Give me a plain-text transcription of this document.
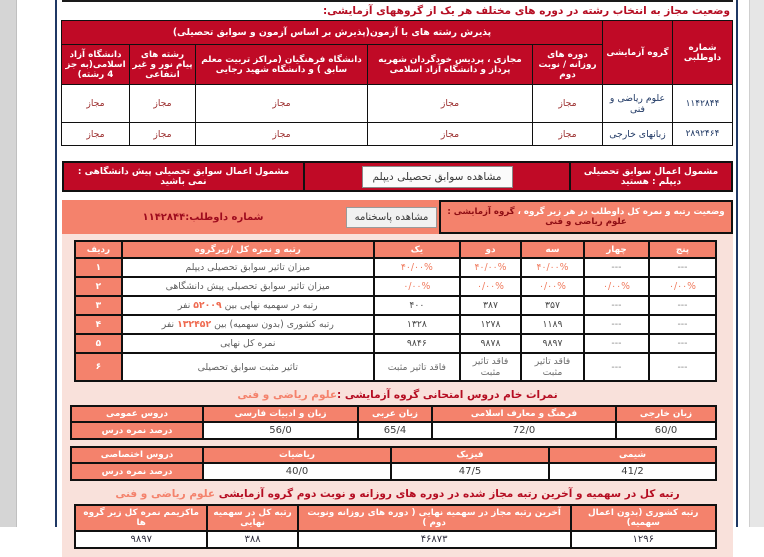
وضعیت مجاز به انتخاب رشته در دوره های مختلف هر یک از گروههای آزمایشی:
شماره داوطلبی	گروه آزمایشی	پذیرش رشته های با آزمون(پذیرش بر اساس آزمون و سوابق تحصیلی)				
		دوره های روزانه / نوبت دوم	مجازی ، پردیس خودگردان شهریه پرداز و دانشگاه آزاد اسلامی	دانشگاه فرهنگیان (مراکز تربیت معلم سابق ) و دانشگاه شهید رجایی	رشته های پیام نور و غیر انتفاعی	دانشگاه آزاد اسلامی(به جز 4 رشته)
۱۱۴۲۸۴۴	علوم ریاضی و فنی	مجاز	مجاز	مجاز	مجاز	مجاز
۲۸۹۲۴۶۴	زبانهای خارجی	مجاز	مجاز	مجاز	مجاز	مجاز
مشمول اعمال سوابق تحصیلی دیپلم : هستید
مشاهده سوابق تحصیلی دیپلم
مشمول اعمال سوابق تحصیلی پیش دانشگاهی : نمی باشید
وضعیت رتبه و نمره کل داوطلب در هر زیر گروه ، گروه آزمایشی : علوم ریاضی و فنی
مشاهده پاسخنامه
شماره داوطلب:۱۱۴۲۸۴۴
پنج	چهار	سه	دو	یک	رتبه و نمره کل /زیرگروه	ردیف
---	---	۴۰/۰۰%	۴۰/۰۰%	۴۰/۰۰%	میزان تاثیر سوابق تحصیلی دیپلم	۱
۰/۰۰%	۰/۰۰%	۰/۰۰%	۰/۰۰%	۰/۰۰%	میزان تاثیر سوابق تحصیلی پیش دانشگاهی	۲
---	---	۳۵۷	۳۸۷	۴۰۰	رتبه در سهمیه نهایی بین ۵۲۰۰۹ نفر	۳
---	---	۱۱۸۹	۱۲۷۸	۱۳۲۸	رتبه کشوری (بدون سهمیه) بین ۱۳۲۴۵۲ نفر	۴
---	---	۹۸۹۷	۹۸۷۸	۹۸۴۶	نمره کل نهایی	۵
---	---	فاقد تاثیر مثبت	فاقد تاثیر مثبت	فاقد تاثیر مثبت	تاثیر مثبت سوابق تحصیلی	۶
نمرات خام دروس امتحانی گروه آزمایشی :علوم ریاضی و فنی
زبان خارجی	فرهنگ و معارف اسلامی	زبان عربی	زبان و ادبیات فارسی	دروس عمومی
60/0	72/0	65/4	56/0	درصد نمره درس
شیمی	فیزیک	ریاضیات	دروس اختصاصی
41/2	47/5	40/0	درصد نمره درس
رتبه کل در سهمیه و آخرین رتبه مجاز شده در دوره های روزانه و نوبت دوم گروه آزمایشی علوم ریاضی و فنی
رتبه کشوری (بدون اعمال سهمیه)	آخرین رتبه مجاز در سهمیه نهایی ( دوره های روزانه ونوبت دوم )	رتبه کل در سهمیه نهایی	ماکزیمم نمره کل زیر گروه ها
۱۲۹۶	۴۶۸۷۳	۳۸۸	۹۸۹۷
